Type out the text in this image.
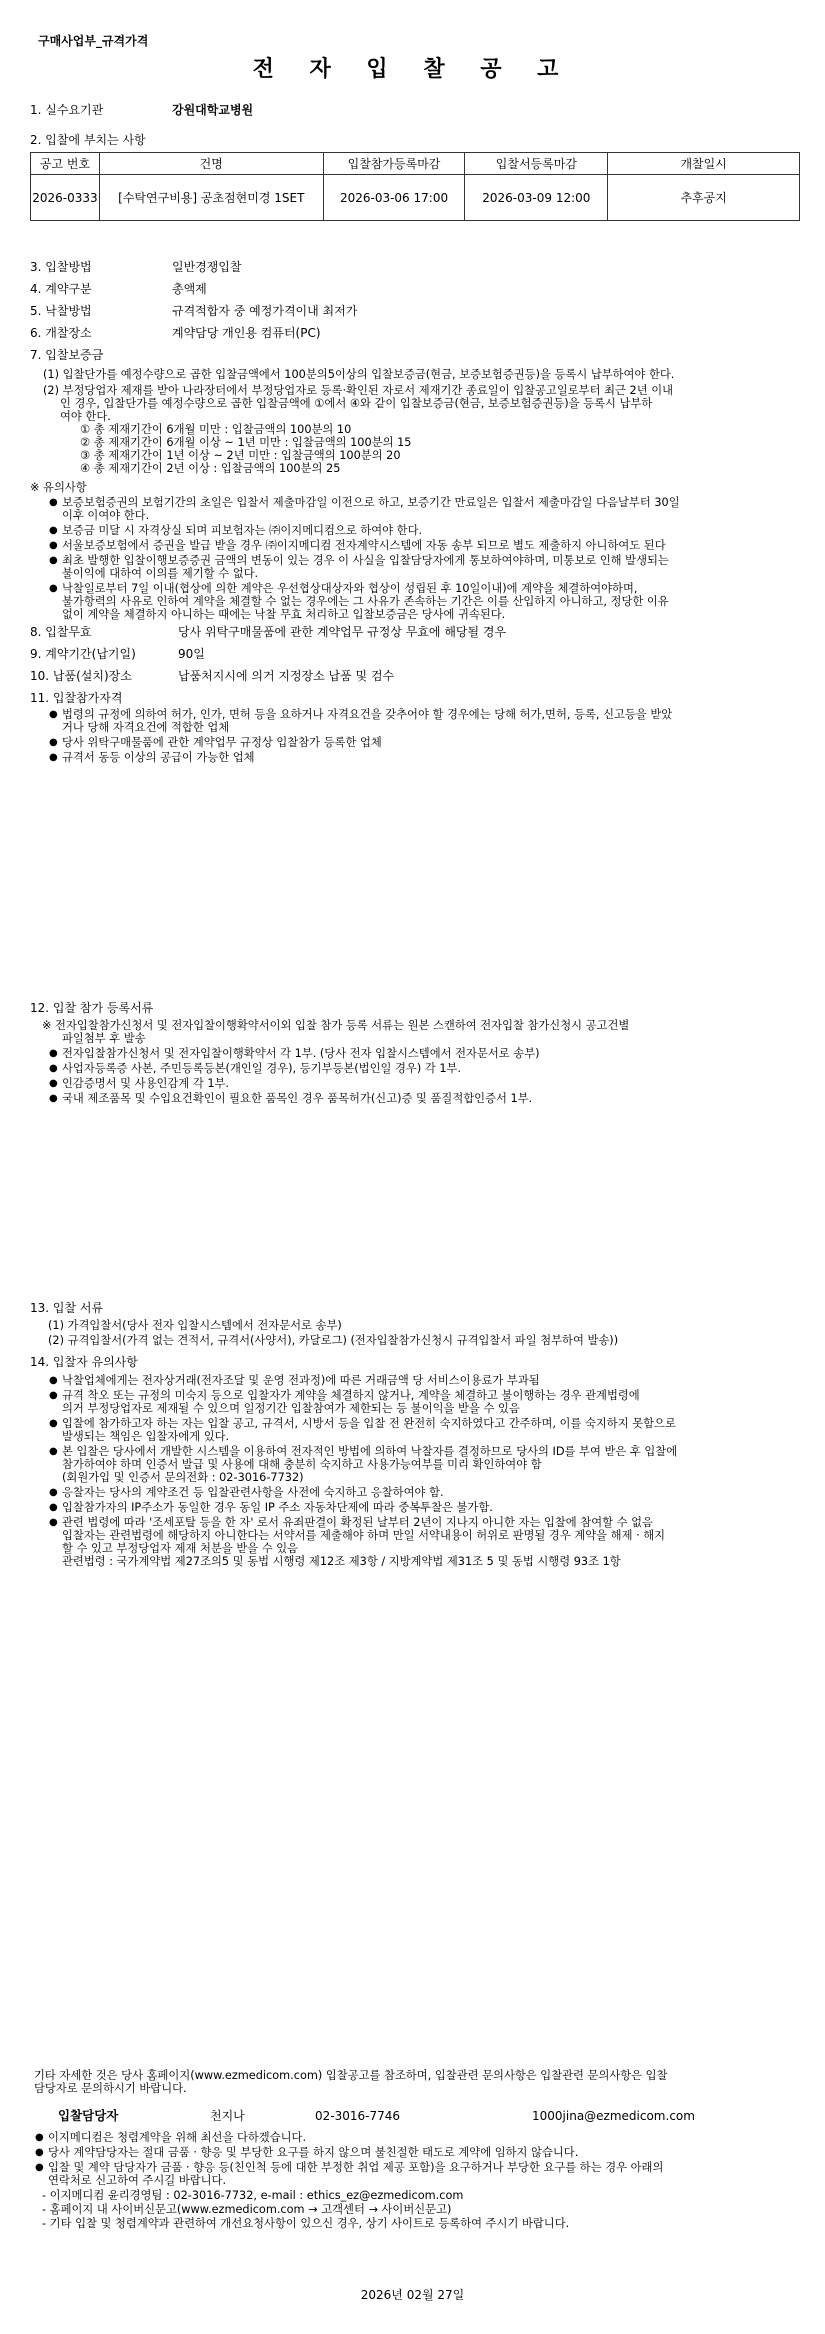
구매사업부_규격가격
전 자 입 찰 공 고
1. 실수요기관	강원대학교병원
2. 입찰에 부치는 사항
공고 번호	건명	입찰참가등록마감	입찰서등록마감	개찰일시
2026-0333	[수탁연구비용] 공초점현미경 1SET	2026-03-06 17:00	2026-03-09 12:00	추후공지
3. 입찰방법	일반경쟁입찰
4. 계약구분	총액제
5. 낙찰방법	규격적합자 중 예정가격이내 최저가
6. 개찰장소	계약담당 개인용 컴퓨터(PC)
7. 입찰보증금
(1) 입찰단가를 예정수량으로 곱한 입찰금액에서 100분의5이상의 입찰보증금(현금, 보증보험증권등)을 등록시 납부하여야 한다.
(2) 부정당업자 제재를 받아 나라장터에서 부정당업자로 등록·확인된 자로서 제재기간 종료일이 입찰공고일로부터 최근 2년 이내
인 경우, 입찰단가를 예정수량으로 곱한 입찰금액에 ①에서 ④와 같이 입찰보증금(현금, 보증보험증권등)을 등록시 납부하
여야 한다.
① 총 제재기간이 6개월 미만 : 입찰금액의 100분의 10
② 총 제재기간이 6개월 이상 ~ 1년 미만 : 입찰금액의 100분의 15
③ 총 제재기간이 1년 이상 ~ 2년 미만 : 입찰금액의 100분의 20
④ 총 제재기간이 2년 이상 : 입찰금액의 100분의 25
※ 유의사항
● 보증보험증권의 보험기간의 초일은 입찰서 제출마감일 이전으로 하고, 보증기간 만료일은 입찰서 제출마감일 다음날부터 30일
이후 이여야 한다.
● 보증금 미달 시 자격상실 되며 피보험자는 ㈜이지메디컴으로 하여야 한다.
● 서울보증보험에서 증권을 발급 받을 경우 ㈜이지메디컴 전자계약시스템에 자동 송부 되므로 별도 제출하지 아니하여도 된다
● 최초 발행한 입찰이행보증증권 금액의 변동이 있는 경우 이 사실을 입찰담당자에게 통보하여야하며, 미통보로 인해 발생되는
불이익에 대하여 이의를 제기할 수 없다.
● 낙찰일로부터 7일 이내(협상에 의한 계약은 우선협상대상자와 협상이 성립된 후 10일이내)에 계약을 체결하여야하며,
불가항력의 사유로 인하여 계약을 체결할 수 없는 경우에는 그 사유가 존속하는 기간은 이를 산입하지 아니하고, 정당한 이유
없이 계약을 체결하지 아니하는 때에는 낙찰 무효 처리하고 입찰보증금은 당사에 귀속된다.
8. 입찰무효	당사 위탁구매물품에 관한 계약업무 규정상 무효에 해당될 경우
9. 계약기간(납기일)	90일
10. 납품(설치)장소	납품처지시에 의거 지정장소 납품 및 검수
11. 입찰참가자격
● 법령의 규정에 의하여 허가, 인가, 면허 등을 요하거나 자격요건을 갖추어야 할 경우에는 당해 허가,면허, 등록, 신고등을 받았
거나 당해 자격요건에 적합한 업체
● 당사 위탁구매물품에 관한 계약업무 규정상 입찰참가 등록한 업체
● 규격서 동등 이상의 공급이 가능한 업체
12. 입찰 참가 등록서류
※ 전자입찰참가신청서 및 전자입찰이행확약서이외 입찰 참가 등록 서류는 원본 스캔하여 전자입찰 참가신청시 공고건별
파일첨부 후 발송
● 전자입찰참가신청서 및 전자입찰이행확약서 각 1부. (당사 전자 입찰시스템에서 전자문서로 송부)
● 사업자등록증 사본, 주민등록등본(개인일 경우), 등기부등본(법인일 경우) 각 1부.
● 인감증명서 및 사용인감계 각 1부.
● 국내 제조품목 및 수입요건확인이 필요한 품목인 경우 품목허가(신고)증 및 품질적합인증서 1부.
13. 입찰 서류
(1) 가격입찰서(당사 전자 입찰시스템에서 전자문서로 송부)
(2) 규격입찰서(가격 없는 견적서, 규격서(사양서), 카달로그) (전자입찰참가신청시 규격입찰서 파일 첨부하여 발송))
14. 입찰자 유의사항
● 낙찰업체에게는 전자상거래(전자조달 및 운영 전과정)에 따른 거래금액 당 서비스이용료가 부과됨
● 규격 착오 또는 규정의 미숙지 등으로 입찰자가 계약을 체결하지 않거나, 계약을 체결하고 불이행하는 경우 관계법령에
의거 부정당업자로 제재될 수 있으며 일정기간 입찰참여가 제한되는 등 불이익을 받을 수 있음
● 입찰에 참가하고자 하는 자는 입찰 공고, 규격서, 시방서 등을 입찰 전 완전히 숙지하였다고 간주하며, 이를 숙지하지 못함으로
발생되는 책임은 입찰자에게 있다.
● 본 입찰은 당사에서 개발한 시스템을 이용하여 전자적인 방법에 의하여 낙찰자를 결정하므로 당사의 ID를 부여 받은 후 입찰에
참가하여야 하며 인증서 발급 및 사용에 대해 충분히 숙지하고 사용가능여부를 미리 확인하여야 함
(회원가입 및 인증서 문의전화 : 02-3016-7732)
● 응찰자는 당사의 계약조건 등 입찰관련사항을 사전에 숙지하고 응찰하여야 함.
● 입찰참가자의 IP주소가 동일한 경우 동일 IP 주소 자동차단제에 따라 중복투찰은 불가함.
● 관련 법령에 따라 '조세포탈 등을 한 자' 로서 유죄판결이 확정된 날부터 2년이 지나지 아니한 자는 입찰에 참여할 수 없음
입찰자는 관련법령에 해당하지 아니한다는 서약서를 제출해야 하며 만일 서약내용이 허위로 판명될 경우 계약을 해제 · 해지
할 수 있고 부정당업자 제재 처분을 받을 수 있음
관련법령 : 국가계약법 제27조의5 및 동법 시행령 제12조 제3항 / 지방계약법 제31조 5 및 동법 시행령 93조 1항
기타 자세한 것은 당사 홈페이지(www.ezmedicom.com) 입찰공고를 참조하며, 입찰관련 문의사항은 입찰관련 문의사항은 입찰
담당자로 문의하시기 바랍니다.
입찰담당자	천지나	02-3016-7746	1000jina@ezmedicom.com
● 이지메디컴은 청렴계약을 위해 최선을 다하겠습니다.
● 당사 계약담당자는 절대 금품 · 향응 및 부당한 요구를 하지 않으며 불친절한 태도로 계약에 임하지 않습니다.
● 입찰 및 계약 담당자가 금품 · 향응 등(친인척 등에 대한 부정한 취업 제공 포함)을 요구하거나 부당한 요구를 하는 경우 아래의
연락처로 신고하여 주시길 바랍니다.
- 이지메디컴 윤리경영팀 : 02-3016-7732, e-mail : ethics_ez@ezmedicom.com
- 홈페이지 내 사이버신문고(www.ezmedicom.com → 고객센터 → 사이버신문고)
- 기타 입찰 및 청렴계약과 관련하여 개선요청사항이 있으신 경우, 상기 사이트로 등록하여 주시기 바랍니다.
2026년 02월 27일
